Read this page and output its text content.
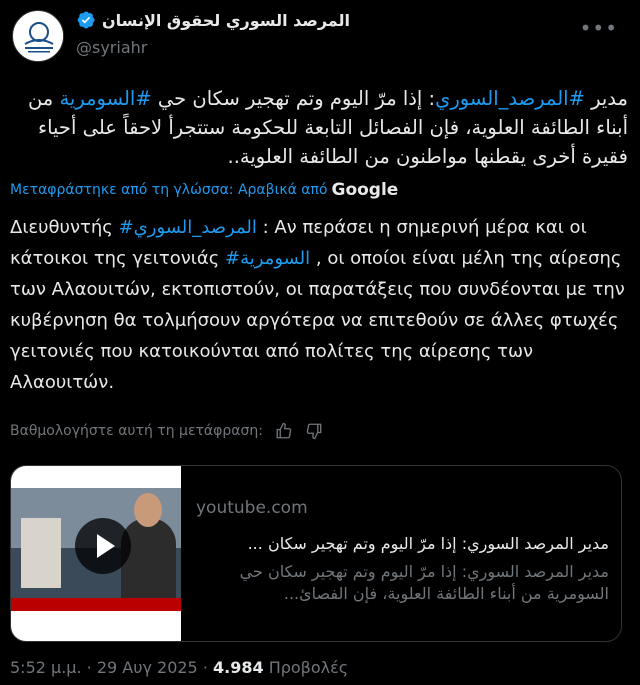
المرصد السوري لحقوق الإنسان
@syriahr
•••
مدير #المرصد_السوري: إذا مرّ اليوم وتم تهجير سكان حي #السومرية من أبناء الطائفة العلوية، فإن الفصائل التابعة للحكومة ستتجرأ لاحقاً على أحياء فقيرة أخرى يقطنها مواطنون من الطائفة العلوية..
Μεταφράστηκε από τη γλώσσα: Αραβικά από Google
Διευθυντής #المرصد_السوري : Αν περάσει η σημερινή μέρα και οι κάτοικοι της γειτονιάς #السومرية , οι οποίοι είναι μέλη της αίρεσης των Αλαουιτών, εκτοπιστούν, οι παρατάξεις που συνδέονται με την κυβέρνηση θα τολμήσουν αργότερα να επιτεθούν σε άλλες φτωχές γειτονιές που κατοικούνται από πολίτες της αίρεσης των Αλαουιτών.
Βαθμολογήστε αυτή τη μετάφραση:
youtube.com
مدير المرصد السوري: إذا مرّ اليوم وتم تهجير سكان ...
مدير المرصد السوري: إذا مرّ اليوم وتم تهجير سكان حي السومرية من أبناء الطائفة العلوية، فإن الفصائ...
5:52 μ.μ. · 29 Αυγ 2025 · 4.984 Προβολές
